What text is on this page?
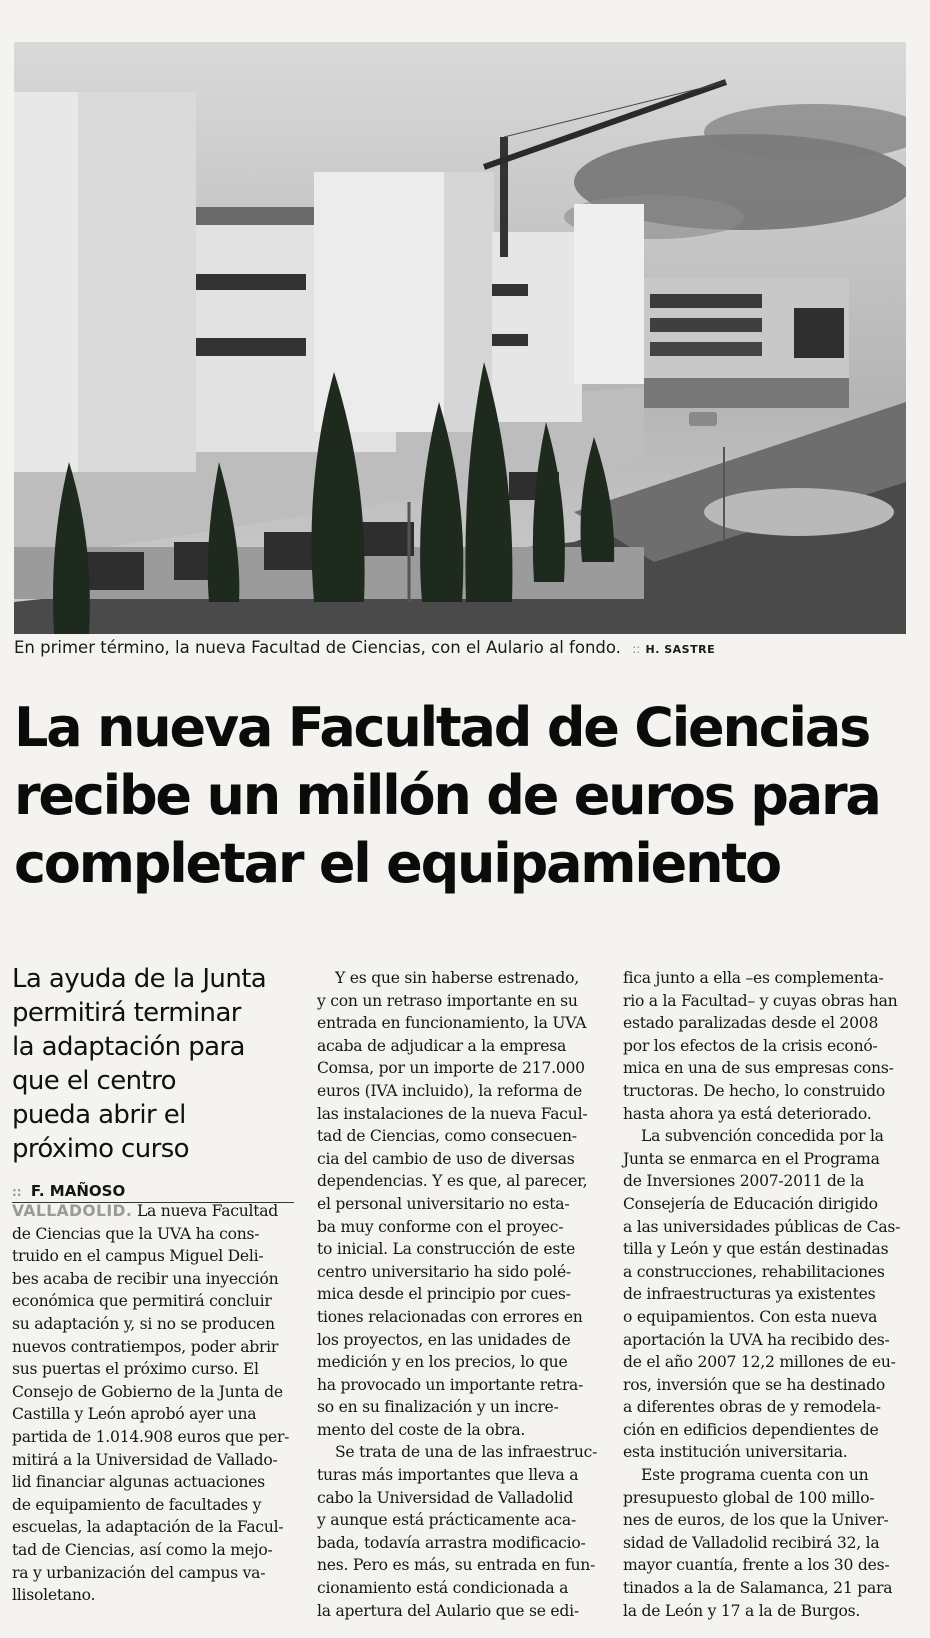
En primer término, la nueva Facultad de Ciencias, con el Aulario al fondo. :: H. SASTRE
La nueva Facultad de Ciencias
recibe un millón de euros para
completar el equipamiento
La ayuda de la Junta
permitirá terminar
la adaptación para
que el centro
pueda abrir el
próximo curso
:: F. MAÑOSO
VALLADOLID. La nueva Facultad
de Ciencias que la UVA ha cons-
truido en el campus Miguel Deli-
bes acaba de recibir una inyección
económica que permitirá concluir
su adaptación y, si no se producen
nuevos contratiempos, poder abrir
sus puertas el próximo curso. El
Consejo de Gobierno de la Junta de
Castilla y León aprobó ayer una
partida de 1.014.908 euros que per-
mitirá a la Universidad de Vallado-
lid financiar algunas actuaciones
de equipamiento de facultades y
escuelas, la adaptación de la Facul-
tad de Ciencias, así como la mejo-
ra y urbanización del campus va-
llisoletano.
Y es que sin haberse estrenado,
y con un retraso importante en su
entrada en funcionamiento, la UVA
acaba de adjudicar a la empresa
Comsa, por un importe de 217.000
euros (IVA incluido), la reforma de
las instalaciones de la nueva Facul-
tad de Ciencias, como consecuen-
cia del cambio de uso de diversas
dependencias. Y es que, al parecer,
el personal universitario no esta-
ba muy conforme con el proyec-
to inicial. La construcción de este
centro universitario ha sido polé-
mica desde el principio por cues-
tiones relacionadas con errores en
los proyectos, en las unidades de
medición y en los precios, lo que
ha provocado un importante retra-
so en su finalización y un incre-
mento del coste de la obra.
Se trata de una de las infraestruc-
turas más importantes que lleva a
cabo la Universidad de Valladolid
y aunque está prácticamente aca-
bada, todavía arrastra modificacio-
nes. Pero es más, su entrada en fun-
cionamiento está condicionada a
la apertura del Aulario que se edi-
fica junto a ella –es complementa-
rio a la Facultad– y cuyas obras han
estado paralizadas desde el 2008
por los efectos de la crisis econó-
mica en una de sus empresas cons-
tructoras. De hecho, lo construido
hasta ahora ya está deteriorado.
La subvención concedida por la
Junta se enmarca en el Programa
de Inversiones 2007-2011 de la
Consejería de Educación dirigido
a las universidades públicas de Cas-
tilla y León y que están destinadas
a construcciones, rehabilitaciones
de infraestructuras ya existentes
o equipamientos. Con esta nueva
aportación la UVA ha recibido des-
de el año 2007 12,2 millones de eu-
ros, inversión que se ha destinado
a diferentes obras de y remodela-
ción en edificios dependientes de
esta institución universitaria.
Este programa cuenta con un
presupuesto global de 100 millo-
nes de euros, de los que la Univer-
sidad de Valladolid recibirá 32, la
mayor cuantía, frente a los 30 des-
tinados a la de Salamanca, 21 para
la de León y 17 a la de Burgos.
